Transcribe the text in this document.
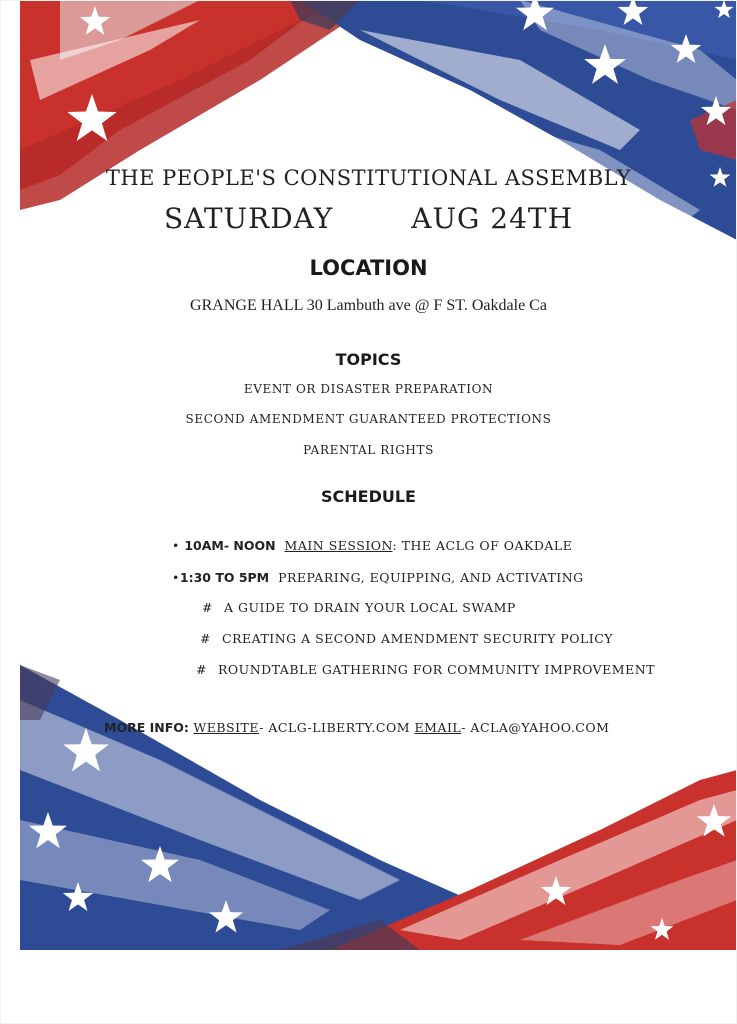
THE PEOPLE'S CONSTITUTIONAL ASSEMBLY
SATURDAY	AUG 24TH
LOCATION
GRANGE HALL 30 Lambuth ave @ F ST. Oakdale Ca
TOPICS
EVENT OR DISASTER PREPARATION
SECOND AMENDMENT GUARANTEED PROTECTIONS
PARENTAL RIGHTS
SCHEDULE
• 10AM- NOON MAIN SESSION: THE ACLG OF OAKDALE
•1:30 TO 5PM PREPARING, EQUIPPING, AND ACTIVATING
# A GUIDE TO DRAIN YOUR LOCAL SWAMP
# CREATING A SECOND AMENDMENT SECURITY POLICY
# ROUNDTABLE GATHERING FOR COMMUNITY IMPROVEMENT
MORE INFO: WEBSITE- ACLG-LIBERTY.COM EMAIL- ACLA@YAHOO.COM
